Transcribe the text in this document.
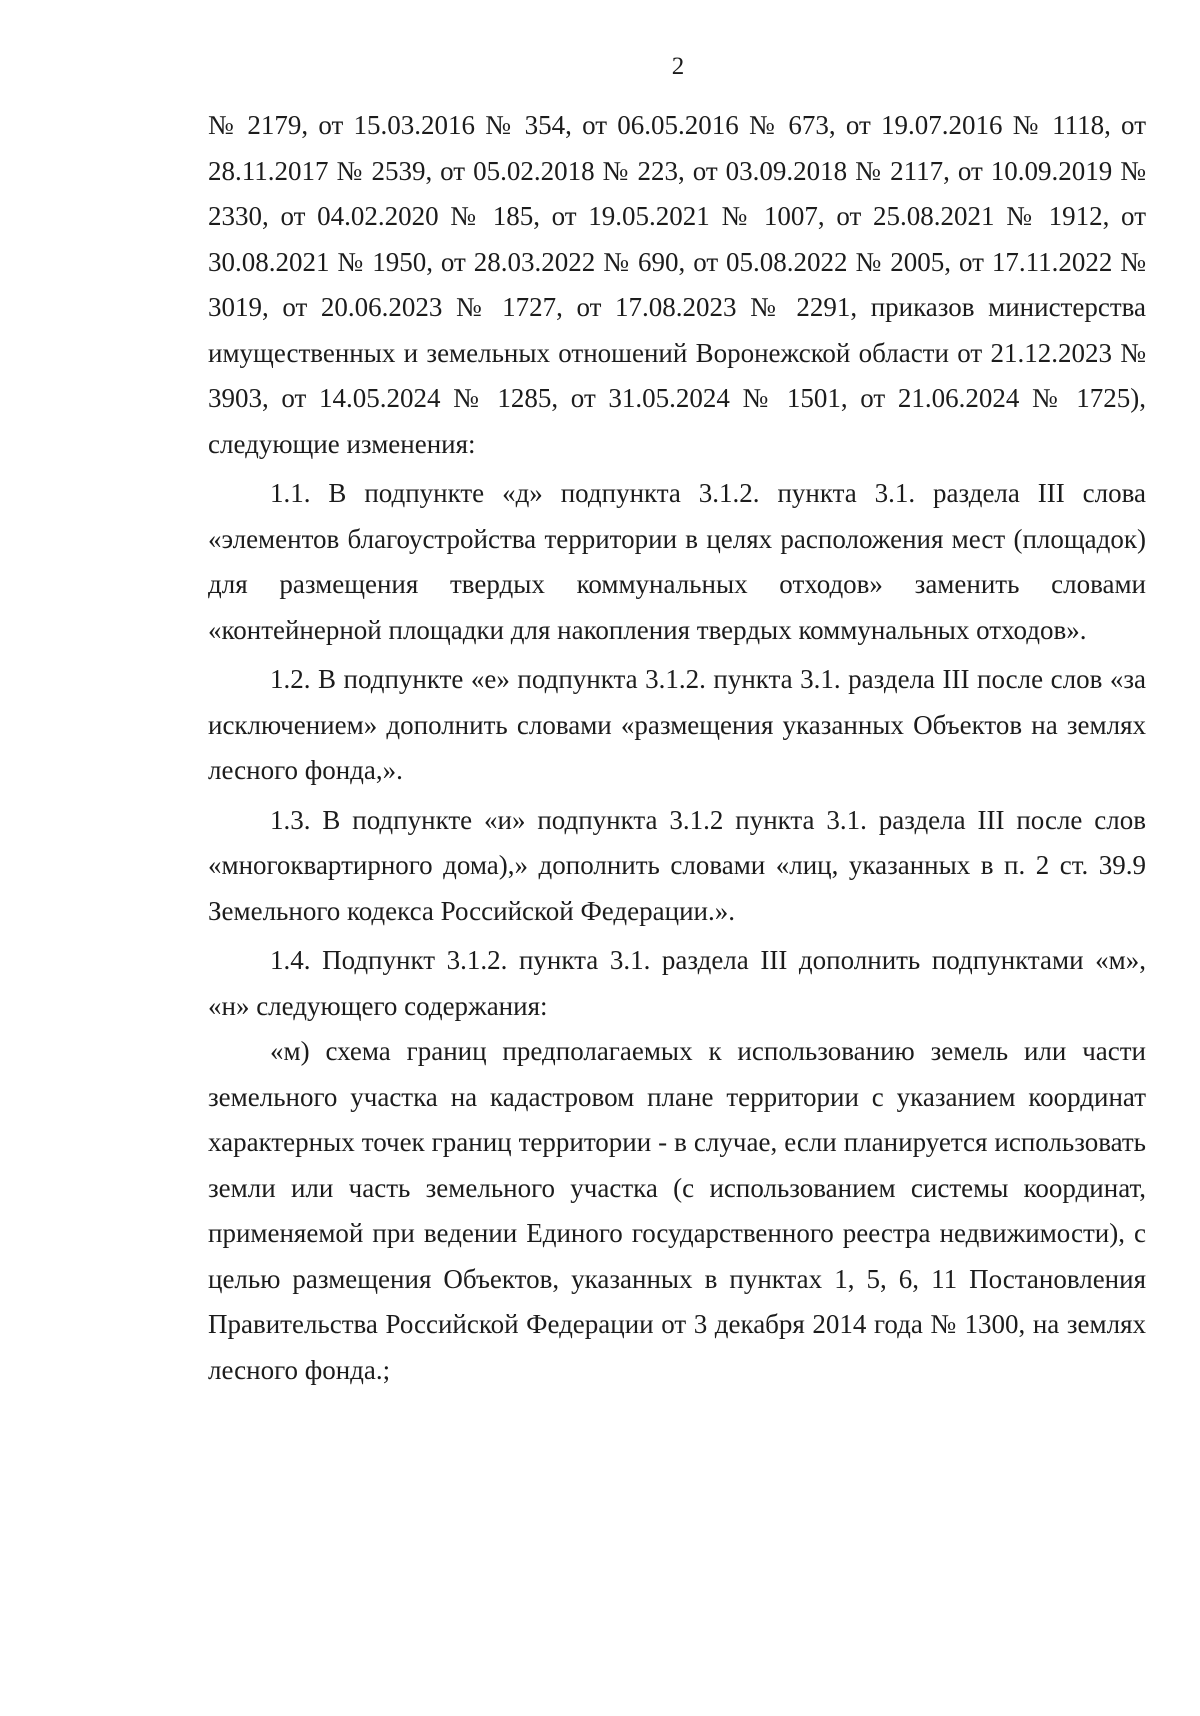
2

№ 2179, от 15.03.2016 № 354, от 06.05.2016 № 673, от 19.07.2016 № 1118, от 28.11.2017 № 2539, от 05.02.2018 № 223, от 03.09.2018 № 2117, от 10.09.2019 № 2330, от 04.02.2020 № 185, от 19.05.2021 № 1007, от 25.08.2021 № 1912, от 30.08.2021 № 1950, от 28.03.2022 № 690, от 05.08.2022 № 2005, от 17.11.2022 № 3019, от 20.06.2023 № 1727, от 17.08.2023 № 2291, приказов министерства имущественных и земельных отношений Воронежской области от 21.12.2023 № 3903, от 14.05.2024 № 1285, от 31.05.2024 № 1501, от 21.06.2024 № 1725), следующие изменения:

1.1. В подпункте «д» подпункта 3.1.2. пункта 3.1. раздела III слова «элементов благоустройства территории в целях расположения мест (площадок) для размещения твердых коммунальных отходов» заменить словами «контейнерной площадки для накопления твердых коммунальных отходов».

1.2. В подпункте «е» подпункта 3.1.2. пункта 3.1. раздела III после слов «за исключением» дополнить словами «размещения указанных Объектов на землях лесного фонда,».

1.3. В подпункте «и» подпункта 3.1.2 пункта 3.1. раздела III после слов «многоквартирного дома),» дополнить словами «лиц, указанных в п. 2 ст. 39.9 Земельного кодекса Российской Федерации.».

1.4. Подпункт 3.1.2. пункта 3.1. раздела III дополнить подпунктами «м», «н» следующего содержания:

«м) схема границ предполагаемых к использованию земель или части земельного участка на кадастровом плане территории с указанием координат характерных точек границ территории - в случае, если планируется использовать земли или часть земельного участка (с использованием системы координат, применяемой при ведении Единого государственного реестра недвижимости), с целью размещения Объектов, указанных в пунктах 1, 5, 6, 11 Постановления Правительства Российской Федерации от 3 декабря 2014 года № 1300, на землях лесного фонда.;
